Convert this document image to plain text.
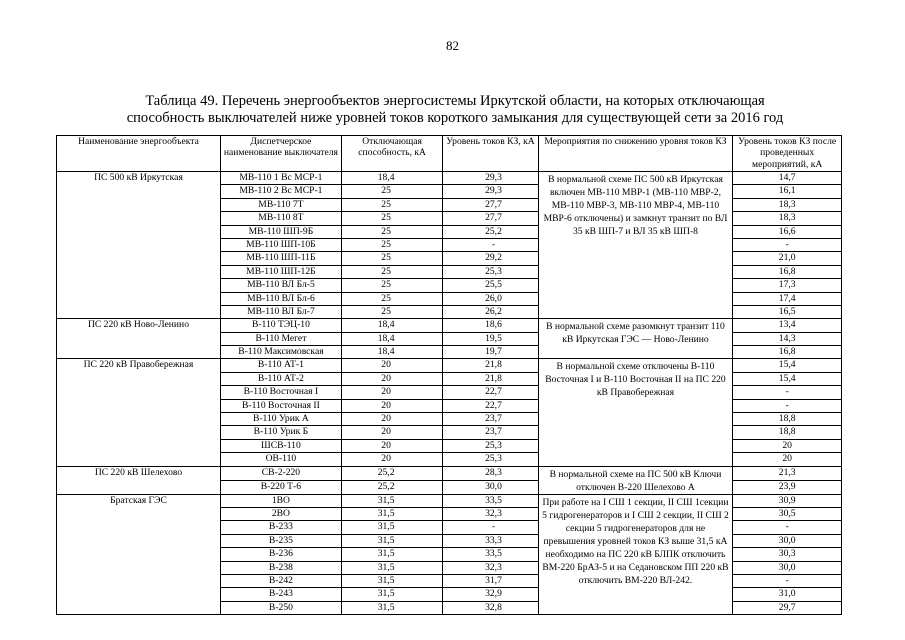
82
Таблица 49. Перечень энергообъектов энергосистемы Иркутской области, на которых отключающая
способность выключателей ниже уровней токов короткого замыкания для существующей сети за 2016 год
Наименование энергообъекта	Диспетчерское наименование выключателя	Отключающая способность, кА	Уровень токов КЗ, кА	Мероприятия по снижению уровня токов КЗ	Уровень токов КЗ после проведенных мероприятий, кА
ПС 500 кВ Иркутская	МВ-110 1 Вс МСР-1	18,4	29,3	В нормальной схеме ПС 500 кВ Иркутская включен МВ-110 МВР-1 (МВ-110 МВР-2, МВ-110 МВР-3, МВ-110 МВР-4, МВ-110 МВР-6 отключены) и замкнут транзит по ВЛ 35 кВ ШП-7 и ВЛ 35 кВ ШП-8	14,7
	МВ-110 2 Вс МСР-1	25	29,3		16,1
	МВ-110 7Т	25	27,7		18,3
	МВ-110 8Т	25	27,7		18,3
	МВ-110 ШП-9Б	25	25,2		16,6
	МВ-110 ШП-10Б	25	-		-
	МВ-110 ШП-11Б	25	29,2		21,0
	МВ-110 ШП-12Б	25	25,3		16,8
	МВ-110 ВЛ Бл-5	25	25,5		17,3
	МВ-110 ВЛ Бл-6	25	26,0		17,4
	МВ-110 ВЛ Бл-7	25	26,2		16,5
ПС 220 кВ Ново-Ленино	В-110 ТЭЦ-10	18,4	18,6	В нормальной схеме разомкнут транзит 110 кВ Иркутская ГЭС — Ново-Ленино	13,4
	В-110 Мегет	18,4	19,5		14,3
	В-110 Максимовская	18,4	19,7		16,8
ПС 220 кВ Правобережная	В-110 АТ-1	20	21,8	В нормальной схеме отключены В-110 Восточная I и В-110 Восточная II на ПС 220 кВ Правобережная	15,4
	В-110 АТ-2	20	21,8		15,4
	В-110 Восточная I	20	22,7		-
	В-110 Восточная II	20	22,7		-
	В-110 Урик А	20	23,7		18,8
	В-110 Урик Б	20	23,7		18,8
	ШСВ-110	20	25,3		20
	ОВ-110	20	25,3		20
ПС 220 кВ Шелехово	СВ-2-220	25,2	28,3	В нормальной схеме на ПС 500 кВ Ключи отключен В-220 Шелехово А	21,3
	В-220 Т-6	25,2	30,0		23,9
Братская ГЭС	1ВО	31,5	33,5	При работе на I СШ 1 секции, II СШ 1секции 5 гидрогенераторов и I СШ 2 секции, II СШ 2 секции 5 гидрогенераторов для не превышения уровней токов КЗ выше 31,5 кА необходимо на ПС 220 кВ БЛПК отключить ВМ-220 БрАЗ-5 и на Седановском ПП 220 кВ отключить ВМ-220 ВЛ-242.	30,9
	2ВО	31,5	32,3		30,5
	В-233	31,5	-		-
	В-235	31,5	33,3		30,0
	В-236	31,5	33,5		30,3
	В-238	31,5	32,3		30,0
	В-242	31,5	31,7		-
	В-243	31,5	32,9		31,0
	В-250	31,5	32,8		29,7
